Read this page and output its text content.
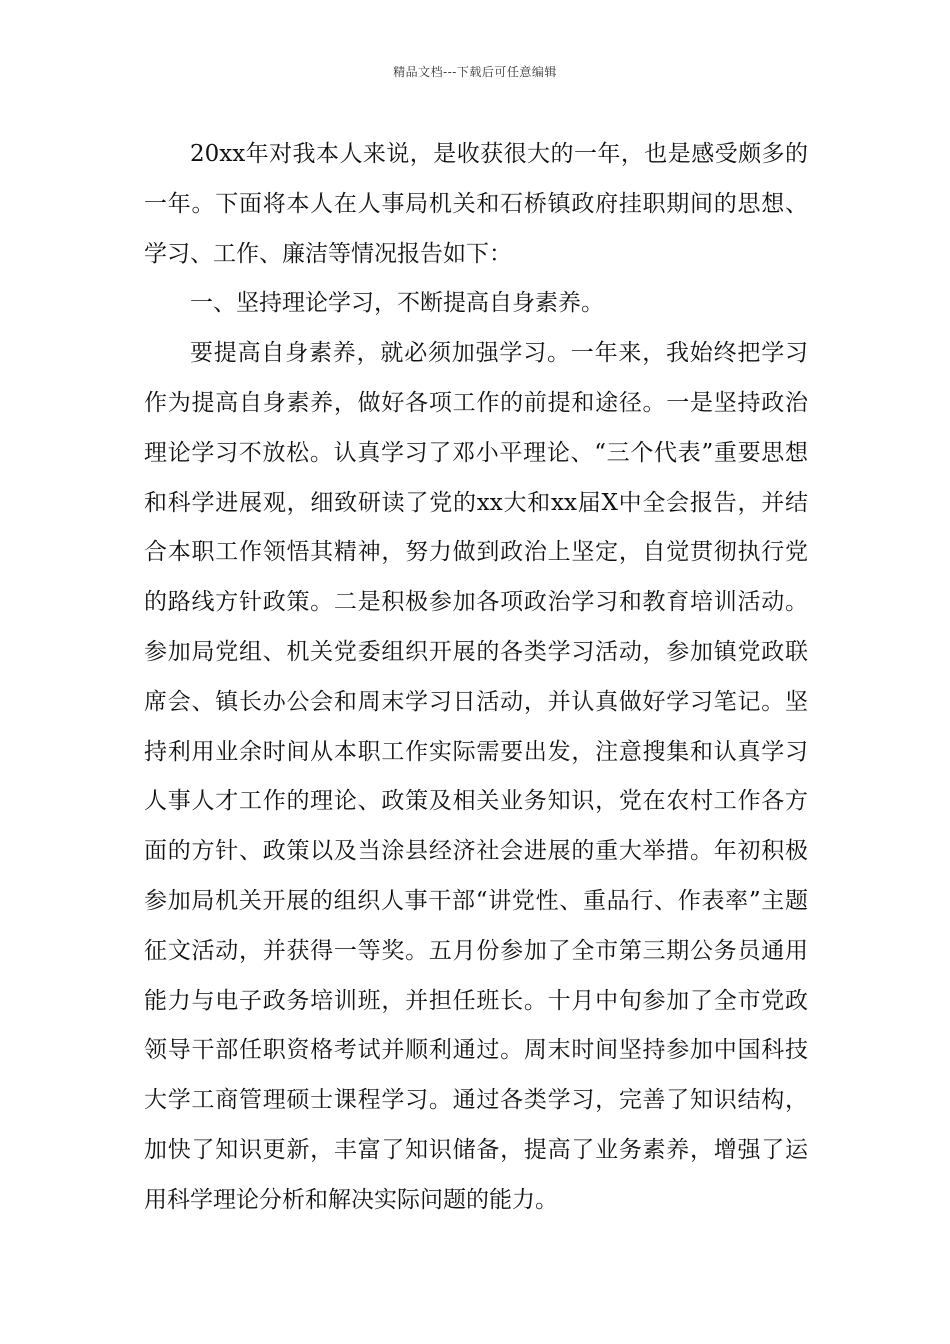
精品文档---下载后可任意编辑

20xx年对我本人来说，是收获很大的一年，也是感受颇多的一年。下面将本人在人事局机关和石桥镇政府挂职期间的思想、学习、工作、廉洁等情况报告如下：

一、坚持理论学习，不断提高自身素养。

要提高自身素养，就必须加强学习。一年来，我始终把学习作为提高自身素养，做好各项工作的前提和途径。一是坚持政治理论学习不放松。认真学习了邓小平理论、“三个代表”重要思想和科学进展观，细致研读了党的xx大和xx届X中全会报告，并结合本职工作领悟其精神，努力做到政治上坚定，自觉贯彻执行党的路线方针政策。二是积极参加各项政治学习和教育培训活动。参加局党组、机关党委组织开展的各类学习活动，参加镇党政联席会、镇长办公会和周末学习日活动，并认真做好学习笔记。坚持利用业余时间从本职工作实际需要出发，注意搜集和认真学习人事人才工作的理论、政策及相关业务知识，党在农村工作各方面的方针、政策以及当涂县经济社会进展的重大举措。年初积极参加局机关开展的组织人事干部“讲党性、重品行、作表率”主题征文活动，并获得一等奖。五月份参加了全市第三期公务员通用能力与电子政务培训班，并担任班长。十月中旬参加了全市党政领导干部任职资格考试并顺利通过。周末时间坚持参加中国科技大学工商管理硕士课程学习。通过各类学习，完善了知识结构，加快了知识更新，丰富了知识储备，提高了业务素养，增强了运用科学理论分析和解决实际问题的能力。
